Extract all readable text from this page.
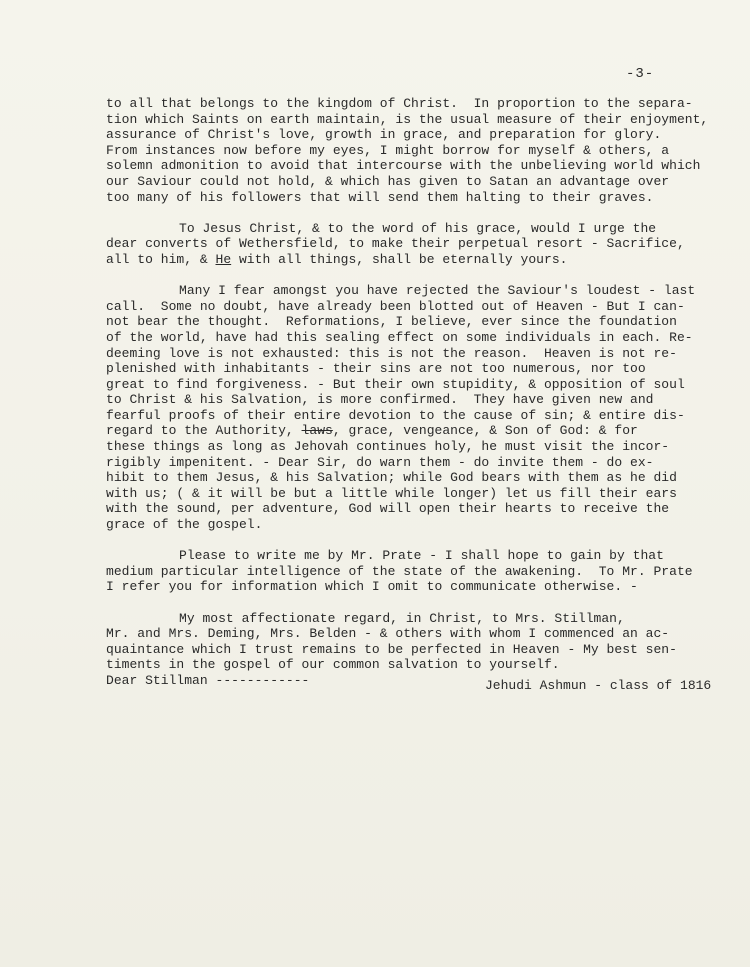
-3-
to all that belongs to the kingdom of Christ.  In proportion to the separa-
tion which Saints on earth maintain, is the usual measure of their enjoyment,
assurance of Christ's love, growth in grace, and preparation for glory.
From instances now before my eyes, I might borrow for myself & others, a
solemn admonition to avoid that intercourse with the unbelieving world which
our Saviour could not hold, & which has given to Satan an advantage over
too many of his followers that will send them halting to their graves.
To Jesus Christ, & to the word of his grace, would I urge the
dear converts of Wethersfield, to make their perpetual resort - Sacrifice,
all to him, & He with all things, shall be eternally yours.
Many I fear amongst you have rejected the Saviour's loudest - last
call.  Some no doubt, have already been blotted out of Heaven - But I can-
not bear the thought.  Reformations, I believe, ever since the foundation
of the world, have had this sealing effect on some individuals in each. Re-
deeming love is not exhausted: this is not the reason.  Heaven is not re-
plenished with inhabitants - their sins are not too numerous, nor too
great to find forgiveness. - But their own stupidity, & opposition of soul
to Christ & his Salvation, is more confirmed.  They have given new and
fearful proofs of their entire devotion to the cause of sin; & entire dis-
regard to the Authority, laws, grace, vengeance, & Son of God: & for
these things as long as Jehovah continues holy, he must visit the incor-
rigibly impenitent. - Dear Sir, do warn them - do invite them - do ex-
hibit to them Jesus, & his Salvation; while God bears with them as he did
with us; ( & it will be but a little while longer) let us fill their ears
with the sound, per adventure, God will open their hearts to receive the
grace of the gospel.
Please to write me by Mr. Prate - I shall hope to gain by that
medium particular intelligence of the state of the awakening.  To Mr. Prate
I refer you for information which I omit to communicate otherwise. -
My most affectionate regard, in Christ, to Mrs. Stillman,
Mr. and Mrs. Deming, Mrs. Belden - & others with whom I commenced an ac-
quaintance which I trust remains to be perfected in Heaven - My best sen-
timents in the gospel of our common salvation to yourself.
Dear Stillman ------------	Jehudi Ashmun - class of 1816
